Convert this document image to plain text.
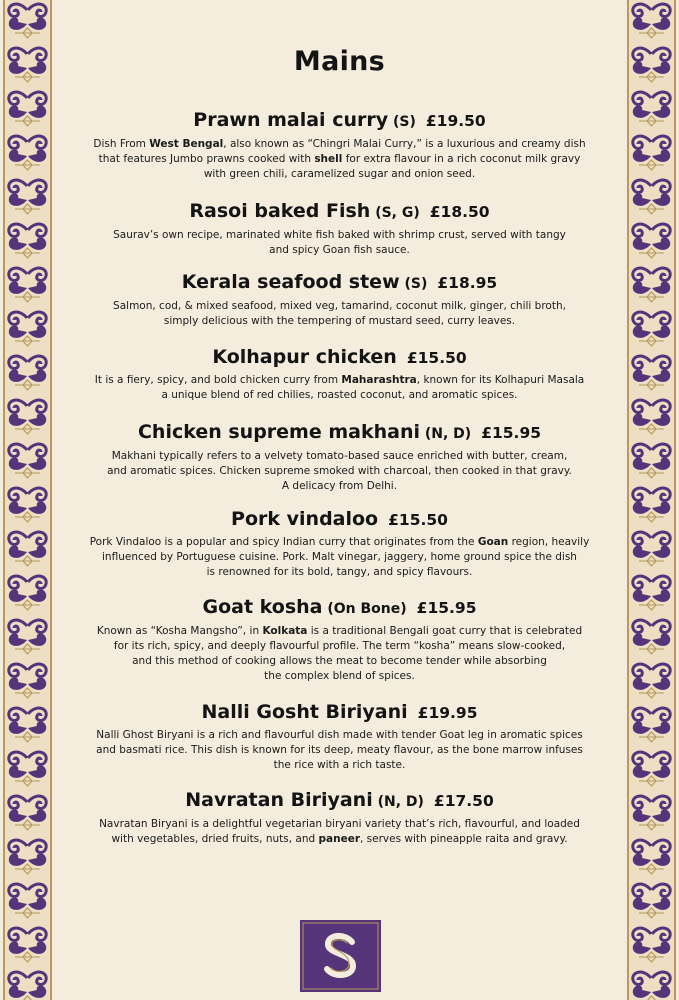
Mains
Prawn malai curry (S) £19.50
Dish From West Bengal, also known as “Chingri Malai Curry,” is a luxurious and creamy dish
that features Jumbo prawns cooked with shell for extra flavour in a rich coconut milk gravy
with green chili, caramelized sugar and onion seed.
Rasoi baked Fish (S, G) £18.50
Saurav’s own recipe, marinated white fish baked with shrimp crust, served with tangy
and spicy Goan fish sauce.
Kerala seafood stew (S) £18.95
Salmon, cod, & mixed seafood, mixed veg, tamarind, coconut milk, ginger, chili broth,
simply delicious with the tempering of mustard seed, curry leaves.
Kolhapur chicken £15.50
It is a fiery, spicy, and bold chicken curry from Maharashtra, known for its Kolhapuri Masala
a unique blend of red chilies, roasted coconut, and aromatic spices.
Chicken supreme makhani (N, D) £15.95
Makhani typically refers to a velvety tomato-based sauce enriched with butter, cream,
and aromatic spices. Chicken supreme smoked with charcoal, then cooked in that gravy.
A delicacy from Delhi.
Pork vindaloo £15.50
Pork Vindaloo is a popular and spicy Indian curry that originates from the Goan region, heavily
influenced by Portuguese cuisine. Pork. Malt vinegar, jaggery, home ground spice the dish
is renowned for its bold, tangy, and spicy flavours.
Goat kosha (On Bone) £15.95
Known as “Kosha Mangsho”, in Kolkata is a traditional Bengali goat curry that is celebrated
for its rich, spicy, and deeply flavourful profile. The term “kosha” means slow-cooked,
and this method of cooking allows the meat to become tender while absorbing
the complex blend of spices.
Nalli Gosht Biriyani £19.95
Nalli Ghost Biryani is a rich and flavourful dish made with tender Goat leg in aromatic spices
and basmati rice. This dish is known for its deep, meaty flavour, as the bone marrow infuses
the rice with a rich taste.
Navratan Biriyani (N, D) £17.50
Navratan Biryani is a delightful vegetarian biryani variety that’s rich, flavourful, and loaded
with vegetables, dried fruits, nuts, and paneer, serves with pineapple raita and gravy.
